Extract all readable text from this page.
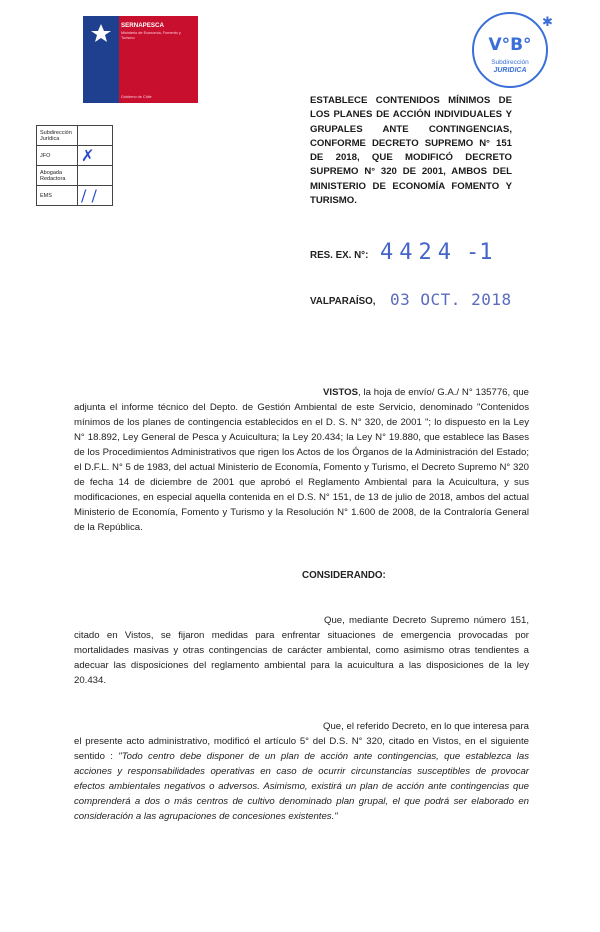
SERNAPESCA
Ministerio de Economía, Fomento y Turismo
Gobierno de Chile
V°B°
Subdirección
JURIDICA
✱
ESTABLECE CONTENIDOS MÍNIMOS DE LOS PLANES DE ACCIÓN INDIVIDUALES Y GRUPALES ANTE CONTINGENCIAS, CONFORME DECRETO SUPREMO N° 151 DE 2018, QUE MODIFICÓ DECRETO SUPREMO N° 320 DE 2001, AMBOS DEL MINISTERIO DE ECONOMÍA FOMENTO Y TURISMO.
Subdirección Jurídica	
JFO	✗
Abogada Redactora	
EMS	/ /
RES. EX. N°: 4424 -1
VALPARAÍSO, 03 OCT. 2018
VISTOS, la hoja de envío/ G.A./ N° 135776, que adjunta el informe técnico del Depto. de Gestión Ambiental de este Servicio, denominado "Contenidos mínimos de los planes de contingencia establecidos en el D. S. N° 320, de 2001 "; lo dispuesto en la Ley N° 18.892, Ley General de Pesca y Acuicultura; la Ley 20.434; la Ley N° 19.880, que establece las Bases de los Procedimientos Administrativos que rigen los Actos de los Órganos de la Administración del Estado; el D.F.L. N° 5 de 1983, del actual Ministerio de Economía, Fomento y Turismo, el Decreto Supremo N° 320 de fecha 14 de diciembre de 2001 que aprobó el Reglamento Ambiental para la Acuicultura, y sus modificaciones, en especial aquella contenida en el D.S. N° 151, de 13 de julio de 2018, ambos del actual Ministerio de Economía, Fomento y Turismo y la Resolución N° 1.600 de 2008, de la Contraloría General de la República.
CONSIDERANDO:
Que, mediante Decreto Supremo número 151, citado en Vistos, se fijaron medidas para enfrentar situaciones de emergencia provocadas por mortalidades masivas y otras contingencias de carácter ambiental, como asimismo otras tendientes a adecuar las disposiciones del reglamento ambiental para la acuicultura a las disposiciones de la ley 20.434.
Que, el referido Decreto, en lo que interesa para el presente acto administrativo, modificó el artículo 5° del D.S. N° 320, citado en Vistos, en el siguiente sentido : "Todo centro debe disponer de un plan de acción ante contingencias, que establezca las acciones y responsabilidades operativas en caso de ocurrir circunstancias susceptibles de provocar efectos ambientales negativos o adversos. Asimismo, existirá un plan de acción ante contingencias que comprenderá a dos o más centros de cultivo denominado plan grupal, el que podrá ser elaborado en consideración a las agrupaciones de concesiones existentes."
